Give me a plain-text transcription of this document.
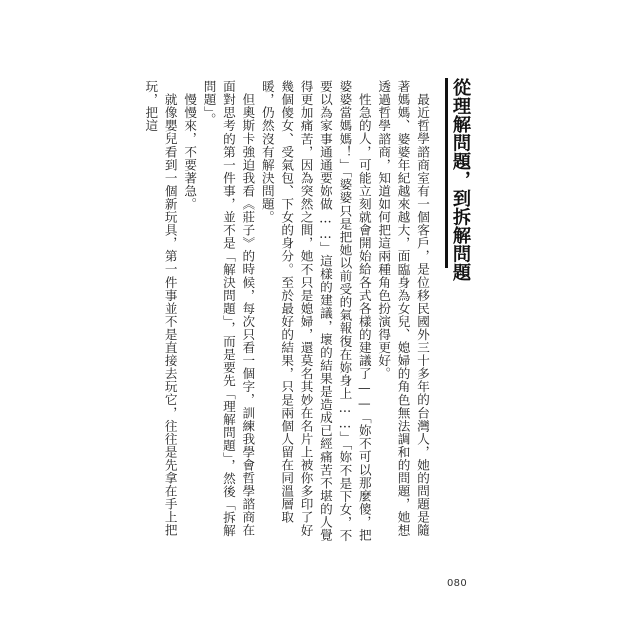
從理解問題，到拆解問題

最近哲學諮商室有一個客戶，是位移民國外三十多年的台灣人，她的問題是隨著媽媽、婆婆年紀越來越大，面臨身為女兒、媳婦的角色無法調和的問題，她想透過哲學諮商，知道如何把這兩種角色扮演得更好。

性急的人，可能立刻就會開始給各式各樣的建議了——「妳不可以那麼傻，把婆婆當媽媽！」「婆婆只是把她以前受的氣報復在妳身上……」「妳不是下女，不要以為家事通通要妳做……」這樣的建議，壞的結果是造成已經痛苦不堪的人覺得更加痛苦，因為突然之間，她不只是媳婦，還莫名其妙在名片上被你多印了好幾個傻女、受氣包、下女的身分。至於最好的結果，只是兩個人留在同溫層取暖，仍然沒有解決問題。

但奧斯卡強迫我看《莊子》的時候，每次只看一個字，訓練我學會哲學諮商在面對思考的第一件事，並不是「解決問題」，而是要先「理解問題」，然後「拆解問題」。

慢慢來，不要著急。

就像嬰兒看到一個新玩具，第一件事並不是直接去玩它，往往是先拿在手上把玩，把這

080
